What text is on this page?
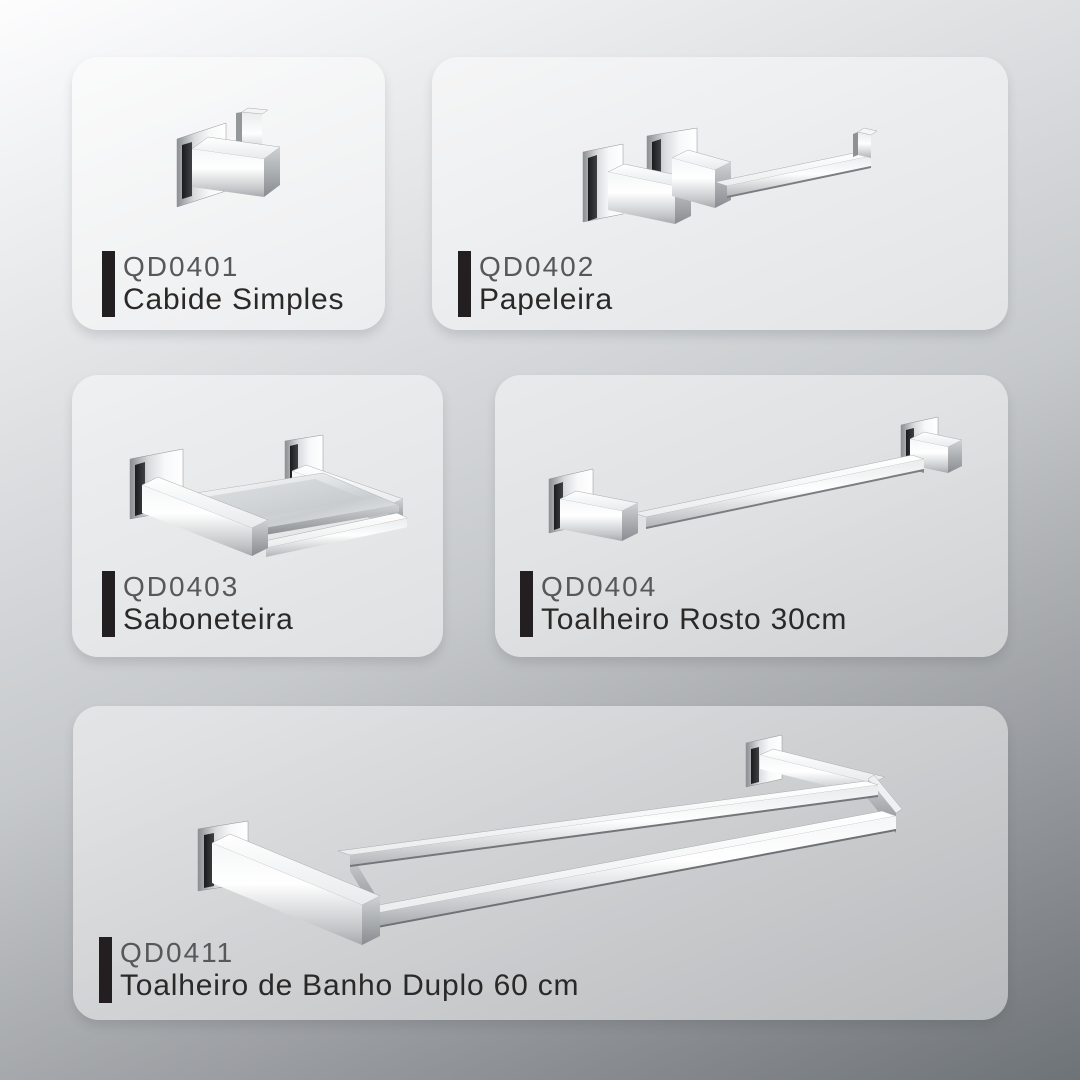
QD0401
Cabide Simples
QD0402
Papeleira
QD0403
Saboneteira
QD0404
Toalheiro Rosto 30cm
QD0411
Toalheiro de Banho Duplo 60 cm
